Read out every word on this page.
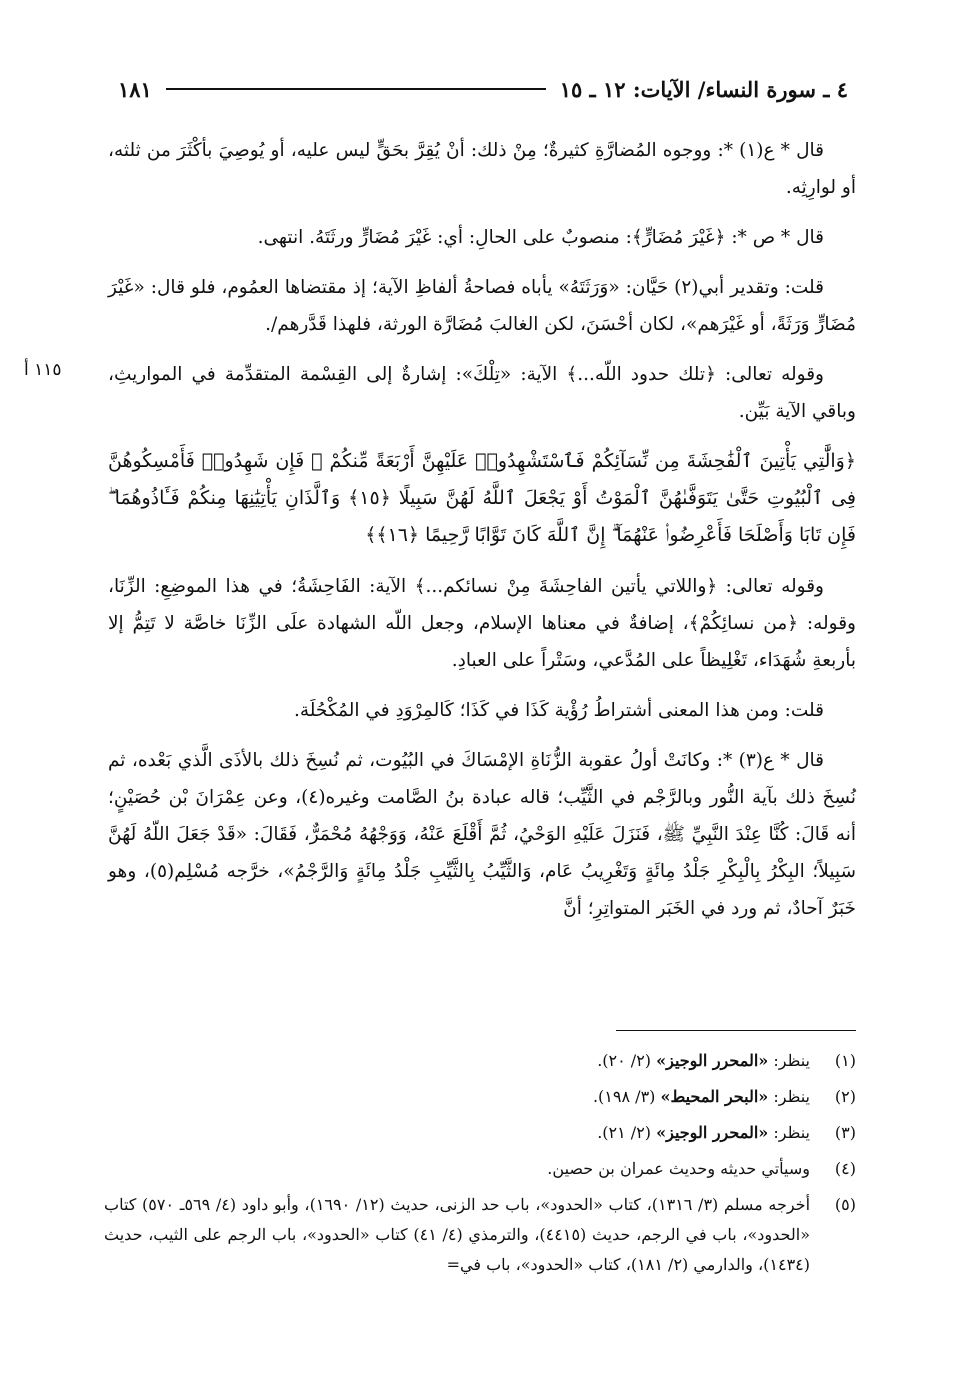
٤ ـ سورة النساء/ الآيات: ١٢ ـ ١٥
١٨١
١١٥ أ

قال * ع(١) *: ووجوه المُضارَّةِ كثيرةٌ؛ مِنْ ذلك: أنْ يُقِرَّ بحَقٍّ ليس عليه، أو يُوصِيَ بأكْثَرَ من ثلثه، أو لوارِثِه.

قال * ص *: ﴿غَيْرَ مُضَارٍّ﴾: منصوبٌ على الحالِ: أي: غَيْرَ مُضَارٍّ ورثَتَهُ. انتهى.

قلت: وتقدير أبي(٢) حَيَّان: «وَرَثَتَهُ» يأباه فصاحةُ ألفاظِ الآية؛ إذ مقتضاها العمُوم، فلو قال: «غَيْرَ مُضَارٍّ وَرَثَةً، أو غَيْرَهم»، لكان أحْسَنَ، لكن الغالبَ مُضَارَّة الورثة، فلهذا قَدَّرهم/.

وقوله تعالى: ﴿تلك حدود اللّه...﴾ الآية: «تِلْكَ»: إشارةٌ إلى القِسْمة المتقدِّمة في المواريثِ، وباقي الآية بَيِّن.

﴿وَالَّٰتِي يَأْتِينَ ٱلْفَٰحِشَةَ مِن نِّسَآئِكُمْ فَٱسْتَشْهِدُوا۟ عَلَيْهِنَّ أَرْبَعَةً مِّنكُمْ ۖ فَإِن شَهِدُوا۟ فَأَمْسِكُوهُنَّ فِى ٱلْبُيُوتِ حَتَّىٰ يَتَوَفَّىٰهُنَّ ٱلْمَوْتُ أَوْ يَجْعَلَ ٱللَّهُ لَهُنَّ سَبِيلًا ﴿١٥﴾ وَٱلَّذَانِ يَأْتِيَٰنِهَا مِنكُمْ فَـَٔاذُوهُمَا ۖ فَإِن تَابَا وَأَصْلَحَا فَأَعْرِضُوا۟ عَنْهُمَآ ۗ إِنَّ ٱللَّهَ كَانَ تَوَّابًا رَّحِيمًا ﴿١٦﴾﴾

وقوله تعالى: ﴿واللاتي يأتين الفاحِشَةَ مِنْ نسائكم...﴾ الآية: الفَاحِشَةُ؛ في هذا الموضِعِ: الزِّنَا، وقوله: ﴿من نسائِكُمْ﴾، إضافةٌ في معناها الإسلام، وجعل اللّه الشهادة علَى الزِّنَا خاصَّة لا تَتِمُّ إلا بأربعةِ شُهَدَاء، تَغْلِيظاً على المُدَّعي، وسَتْراً على العبادِ.

قلت: ومن هذا المعنى أشتراطُ رُؤْية كَذَا في كَذَا؛ كَالمِرْوَدِ في المُكْحُلَة.

قال * ع(٣) *: وكانَتْ أولُ عقوبة الزُّنَاةِ الإمْسَاكَ في البُيُوت، ثم نُسِخَ ذلك بالأذَى الَّذي بَعْده، ثم نُسِخَ ذلك بآية النُّور وبالرَّجْم في الثَّيِّب؛ قاله عبادة بنُ الصَّامت وغيره(٤)، وعن عِمْرَانَ بْن حُصَيْنٍ؛ أنه قَالَ: كُنَّا عِنْدَ النَّبِيِّ ﷺ، فَنَزَلَ عَلَيْهِ الوَحْيُ، ثُمَّ أَقْلَعَ عَنْهُ، وَوَجْهُهُ مُحْمَرٌّ، فَقَالَ: «قَدْ جَعَلَ اللّهُ لَهُنَّ سَبِيلاً؛ البِكْرُ بِالْبِكْرِ جَلْدُ مِائَةٍ وَتَغْرِيبُ عَام، وَالثَّيِّبُ بِالثَّيِّبِ جَلْدُ مِائَةٍ وَالرَّجْمُ»، خرَّجه مُسْلِم(٥)، وهو خَبَرٌ آحادٌ، ثم ورد في الخَبَر المتواتِرِ؛ أنَّ

(١)
ينظر: «المحرر الوجيز» (٢/ ٢٠).
(٢)
ينظر: «البحر المحيط» (٣/ ١٩٨).
(٣)
ينظر: «المحرر الوجيز» (٢/ ٢١).
(٤)
وسيأتي حديثه وحديث عمران بن حصين.
(٥)
أخرجه مسلم (٣/ ١٣١٦)، كتاب «الحدود»، باب حد الزنى، حديث (١٢/ ١٦٩٠)، وأبو داود (٤/ ٥٦٩ـ ٥٧٠) كتاب «الحدود»، باب في الرجم، حديث (٤٤١٥)، والترمذي (٤/ ٤١) كتاب «الحدود»، باب الرجم على الثيب، حديث (١٤٣٤)، والدارمي (٢/ ١٨١)، كتاب «الحدود»، باب في=
